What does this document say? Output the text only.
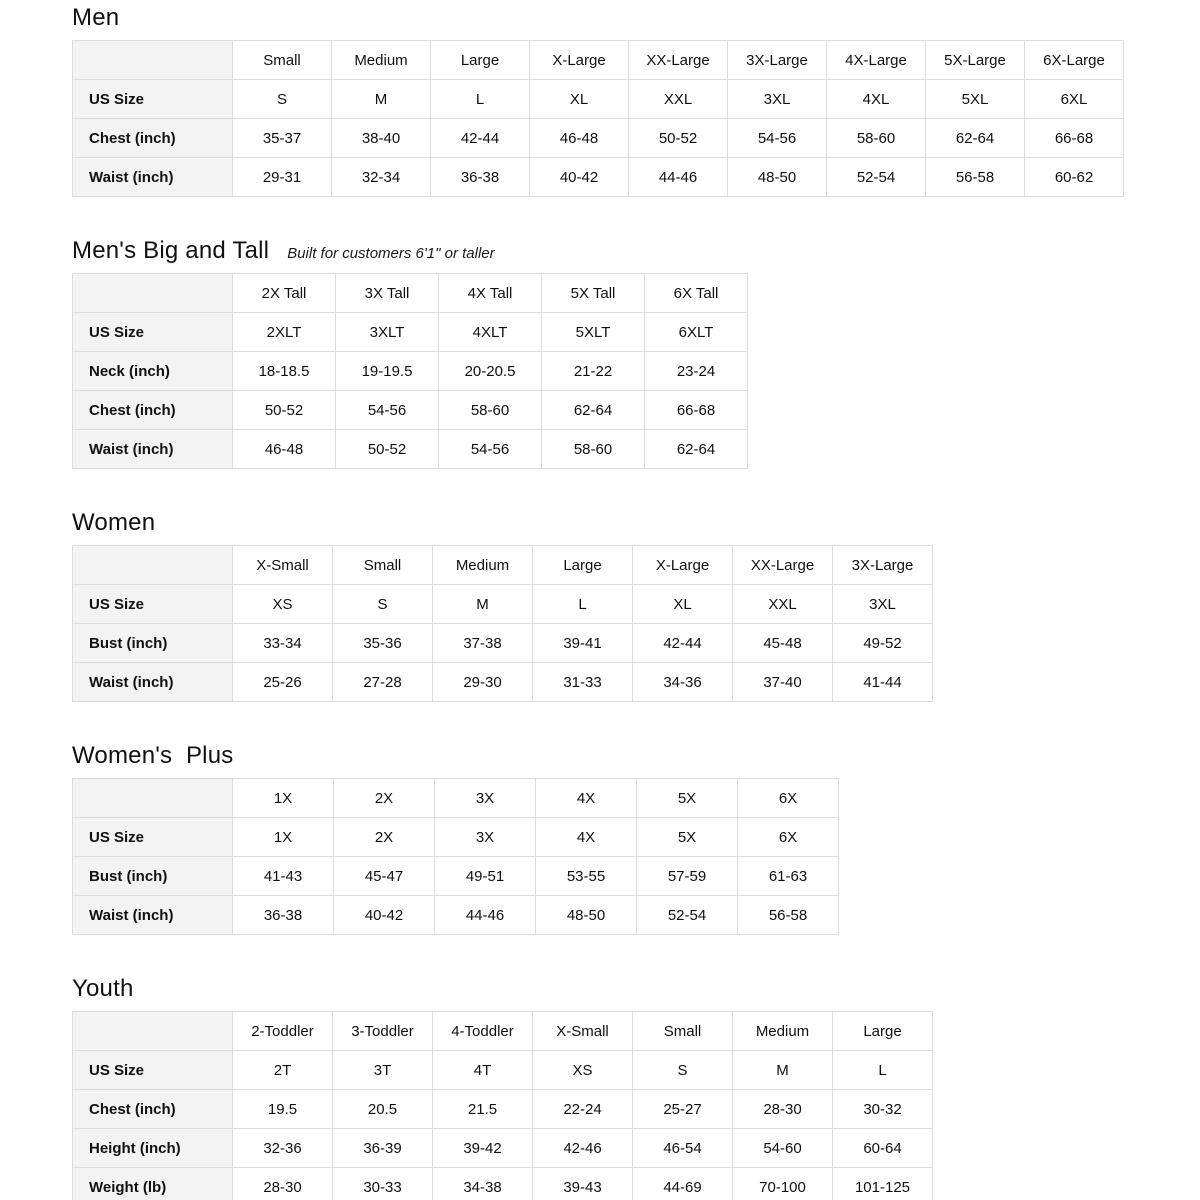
Men
	Small	Medium	Large	X-Large	XX-Large	3X-Large	4X-Large	5X-Large	6X-Large
US Size	S	M	L	XL	XXL	3XL	4XL	5XL	6XL
Chest (inch)	35-37	38-40	42-44	46-48	50-52	54-56	58-60	62-64	66-68
Waist (inch)	29-31	32-34	36-38	40-42	44-46	48-50	52-54	56-58	60-62
Men's Big and Tall Built for customers 6'1" or taller
	2X Tall	3X Tall	4X Tall	5X Tall	6X Tall
US Size	2XLT	3XLT	4XLT	5XLT	6XLT
Neck (inch)	18-18.5	19-19.5	20-20.5	21-22	23-24
Chest (inch)	50-52	54-56	58-60	62-64	66-68
Waist (inch)	46-48	50-52	54-56	58-60	62-64
Women
	X-Small	Small	Medium	Large	X-Large	XX-Large	3X-Large
US Size	XS	S	M	L	XL	XXL	3XL
Bust (inch)	33-34	35-36	37-38	39-41	42-44	45-48	49-52
Waist (inch)	25-26	27-28	29-30	31-33	34-36	37-40	41-44
Women's  Plus
	1X	2X	3X	4X	5X	6X
US Size	1X	2X	3X	4X	5X	6X
Bust (inch)	41-43	45-47	49-51	53-55	57-59	61-63
Waist (inch)	36-38	40-42	44-46	48-50	52-54	56-58
Youth
	2-Toddler	3-Toddler	4-Toddler	X-Small	Small	Medium	Large
US Size	2T	3T	4T	XS	S	M	L
Chest (inch)	19.5	20.5	21.5	22-24	25-27	28-30	30-32
Height (inch)	32-36	36-39	39-42	42-46	46-54	54-60	60-64
Weight (lb)	28-30	30-33	34-38	39-43	44-69	70-100	101-125
